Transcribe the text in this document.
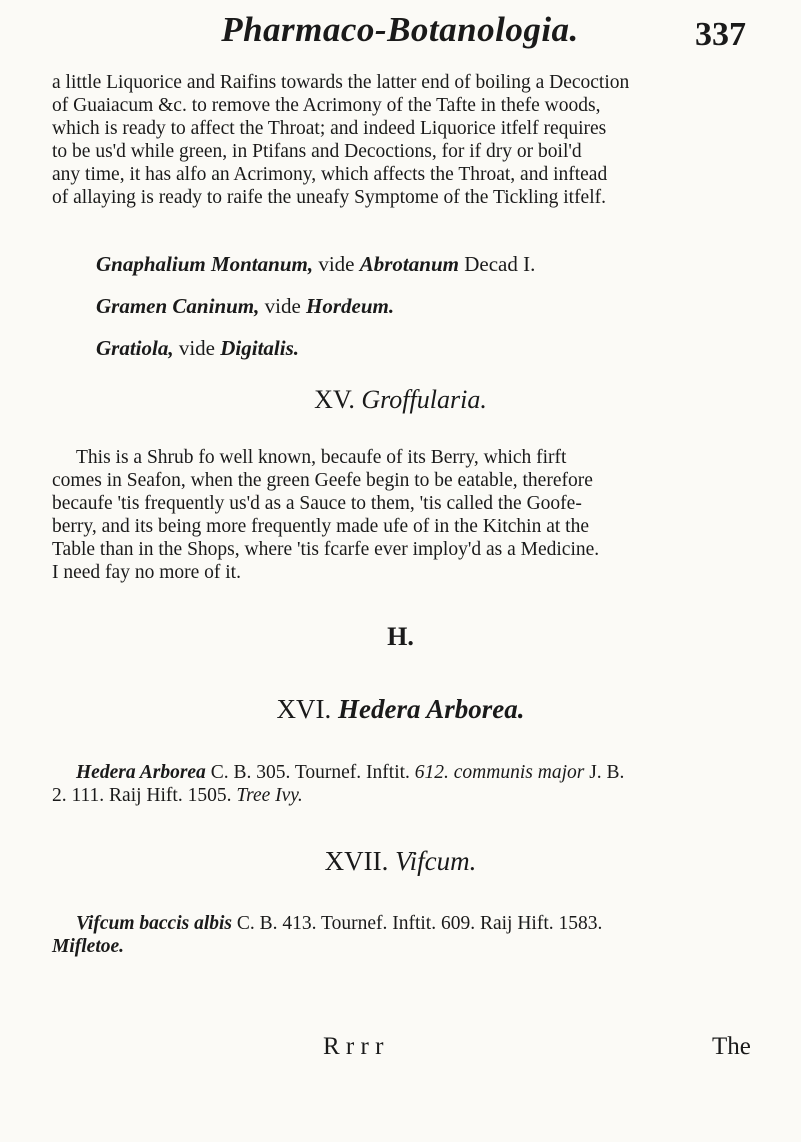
Pharmaco-Botanologia.	337
a little Liquorice and Raifins towards the latter end of boiling a Decoction
of Guaiacum &c. to remove the Acrimony of the Tafte in thefe woods,
which is ready to affect the Throat; and indeed Liquorice itfelf requires
to be us'd while green, in Ptifans and Decoctions, for if dry or boil'd
any time, it has alfo an Acrimony, which affects the Throat, and inftead
of allaying is ready to raife the uneafy Symptome of the Tickling itfelf.
Gnaphalium Montanum, vide Abrotanum Decad I.
Gramen Caninum, vide Hordeum.
Gratiola, vide Digitalis.
XV. Groffularia.
This is a Shrub fo well known, becaufe of its Berry, which firft
comes in Seafon, when the green Geefe begin to be eatable, therefore
becaufe 'tis frequently us'd as a Sauce to them, 'tis called the Goofe-
berry, and its being more frequently made ufe of in the Kitchin at the
Table than in the Shops, where 'tis fcarfe ever imploy'd as a Medicine.
I need fay no more of it.
H.
XVI. Hedera Arborea.
Hedera Arborea C. B. 305. Tournef. Inftit. 612. communis major J. B.
2. 111. Raij Hift. 1505. Tree Ivy.
XVII. Vifcum.
Vifcum baccis albis C. B. 413. Tournef. Inftit. 609. Raij Hift. 1583.
Mifletoe.
R r r r	The
